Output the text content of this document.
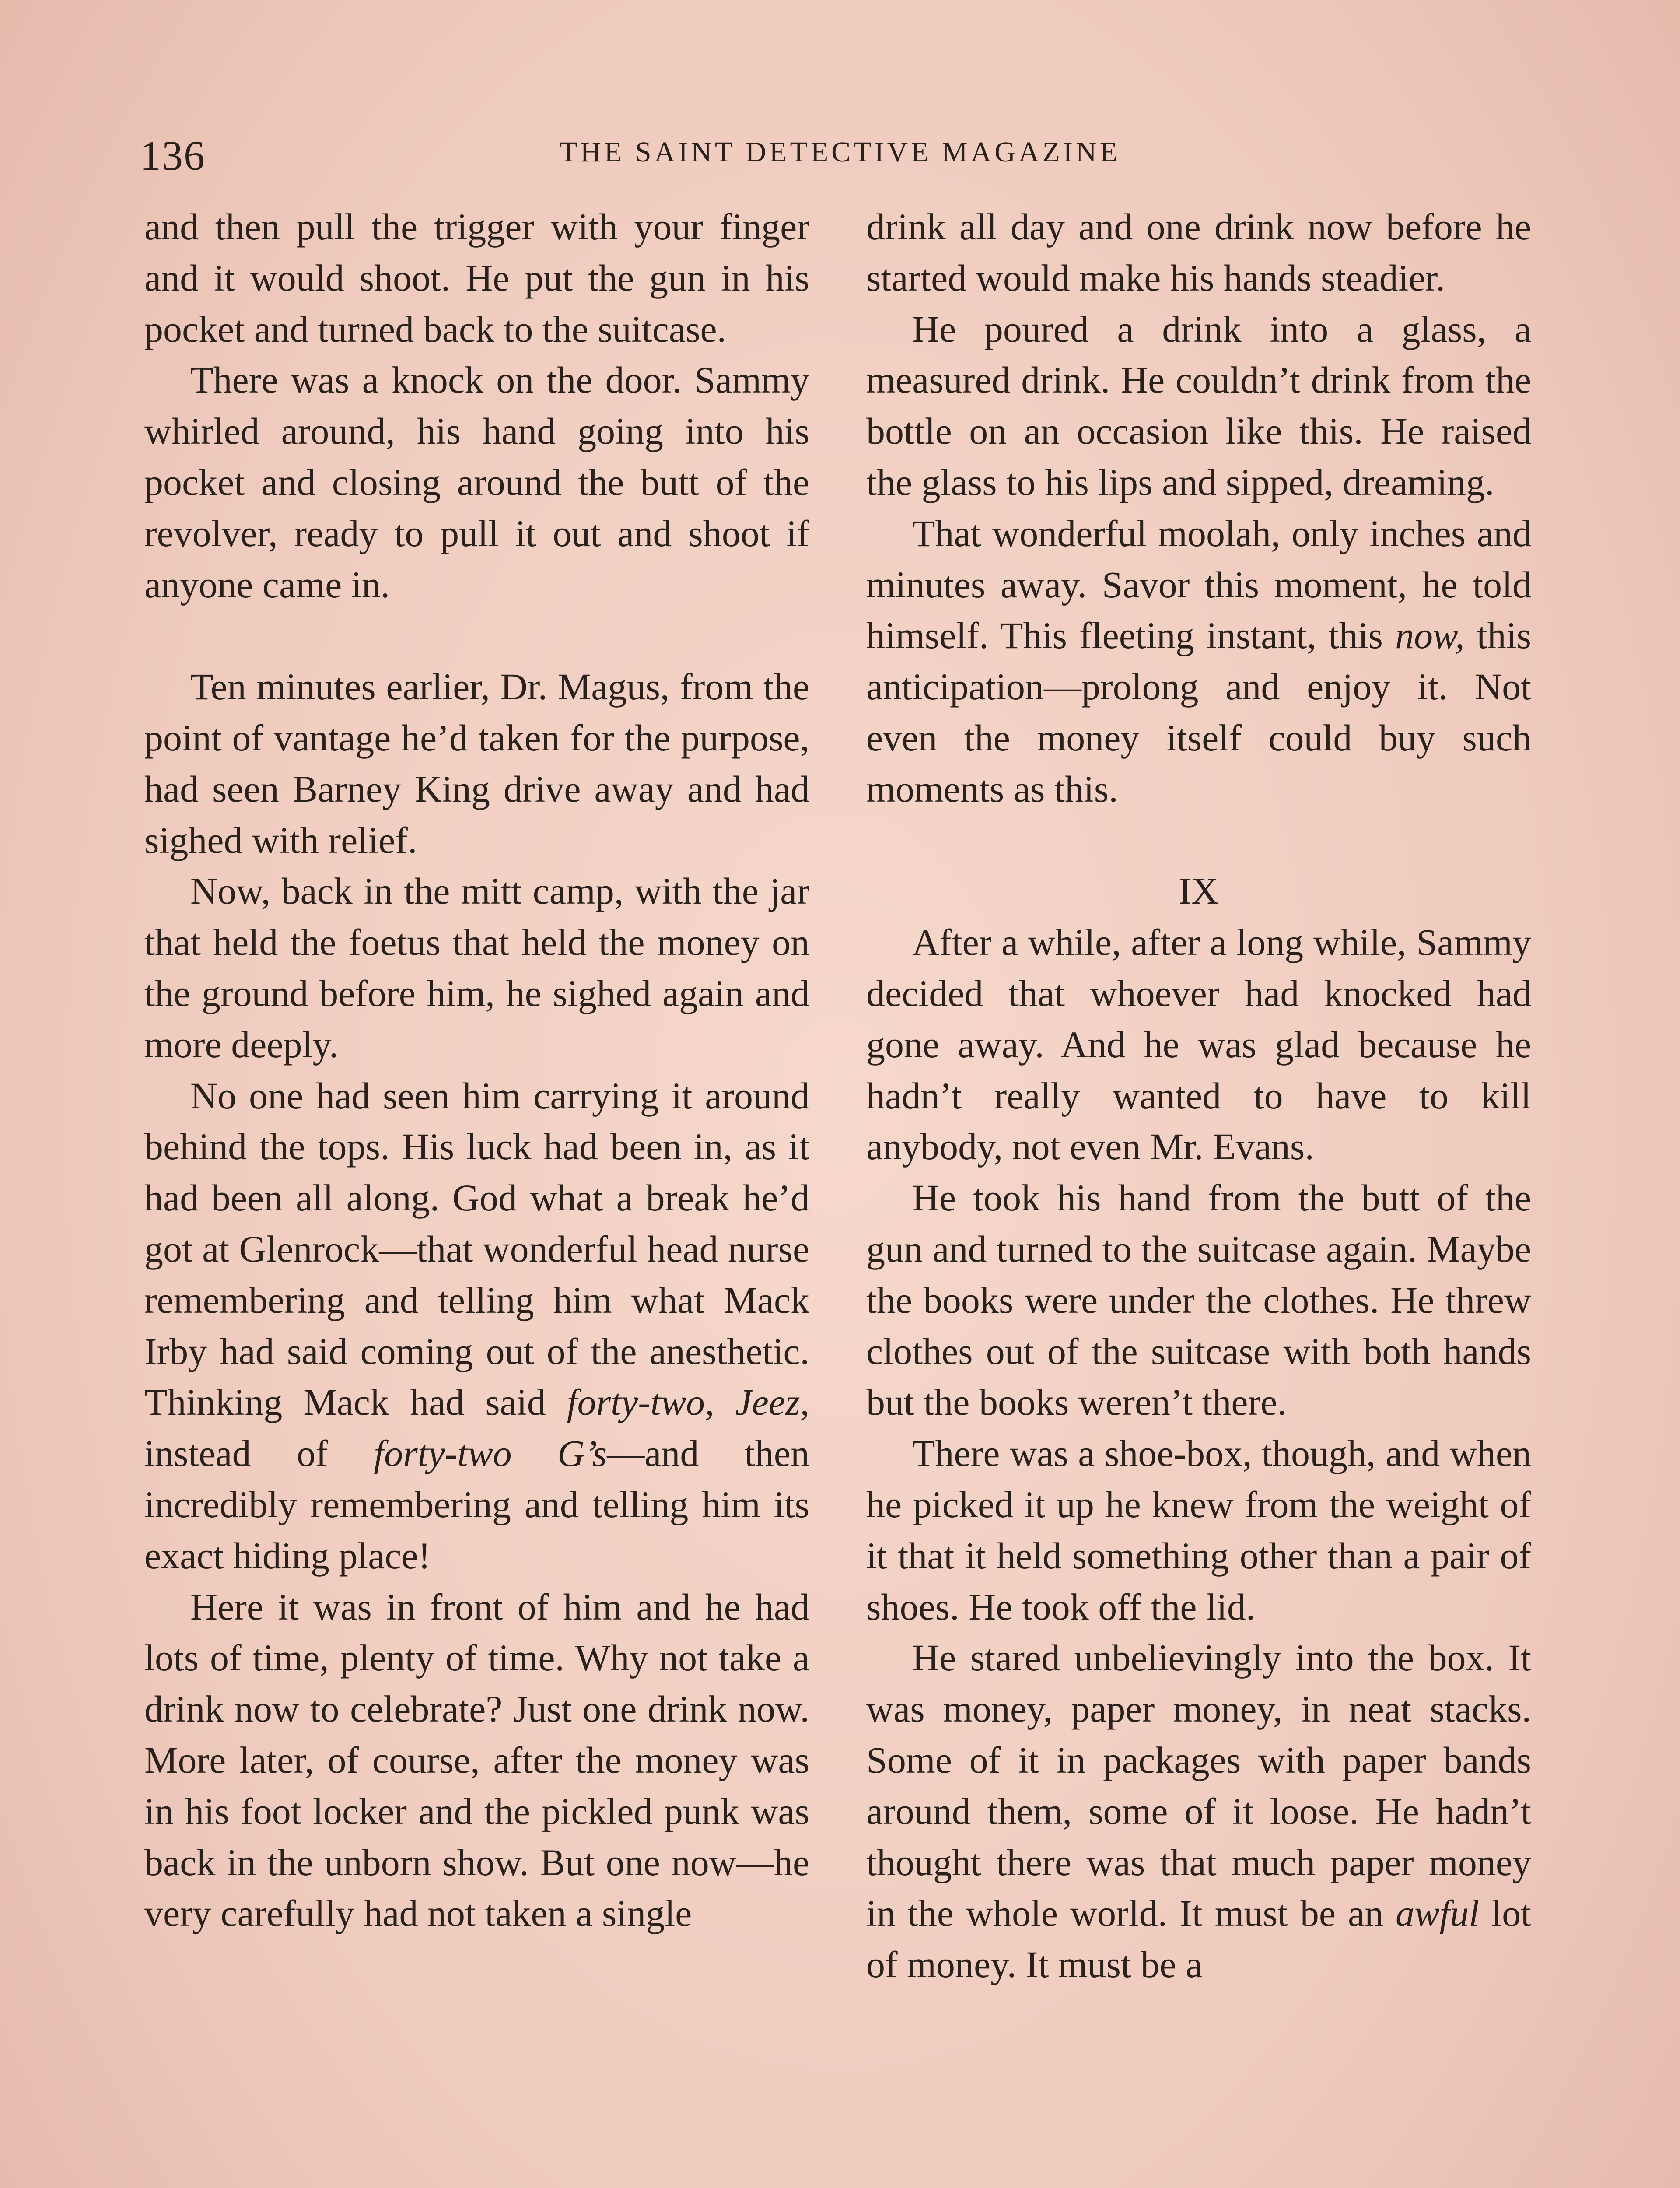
136	THE SAINT DETECTIVE MAGAZINE

and then pull the trigger with your finger and it would shoot. He put the gun in his pocket and turned back to the suitcase.

There was a knock on the door. Sammy whirled around, his hand going into his pocket and closing around the butt of the revolver, ready to pull it out and shoot if anyone came in.

Ten minutes earlier, Dr. Magus, from the point of vantage he’d taken for the purpose, had seen Barney King drive away and had sighed with relief.

Now, back in the mitt camp, with the jar that held the foetus that held the money on the ground before him, he sighed again and more deeply.

No one had seen him carrying it around behind the tops. His luck had been in, as it had been all along. God what a break he’d got at Glenrock—that wonderful head nurse remembering and telling him what Mack Irby had said coming out of the anesthetic. Thinking Mack had said forty-two, Jeez, instead of forty-two G’s—and then incredibly remembering and telling him its exact hiding place!

Here it was in front of him and he had lots of time, plenty of time. Why not take a drink now to celebrate? Just one drink now. More later, of course, after the money was in his foot locker and the pickled punk was back in the unborn show. But one now—he very carefully had not taken a single

drink all day and one drink now before he started would make his hands steadier.

He poured a drink into a glass, a measured drink. He couldn’t drink from the bottle on an occasion like this. He raised the glass to his lips and sipped, dreaming.

That wonderful moolah, only inches and minutes away. Savor this moment, he told himself. This fleeting instant, this now, this anticipation—prolong and enjoy it. Not even the money itself could buy such moments as this.

IX

After a while, after a long while, Sammy decided that whoever had knocked had gone away. And he was glad because he hadn’t really wanted to have to kill anybody, not even Mr. Evans.

He took his hand from the butt of the gun and turned to the suitcase again. Maybe the books were under the clothes. He threw clothes out of the suitcase with both hands but the books weren’t there.

There was a shoe-box, though, and when he picked it up he knew from the weight of it that it held something other than a pair of shoes. He took off the lid.

He stared unbelievingly into the box. It was money, paper money, in neat stacks. Some of it in packages with paper bands around them, some of it loose. He hadn’t thought there was that much paper money in the whole world. It must be an awful lot of money. It must be a
